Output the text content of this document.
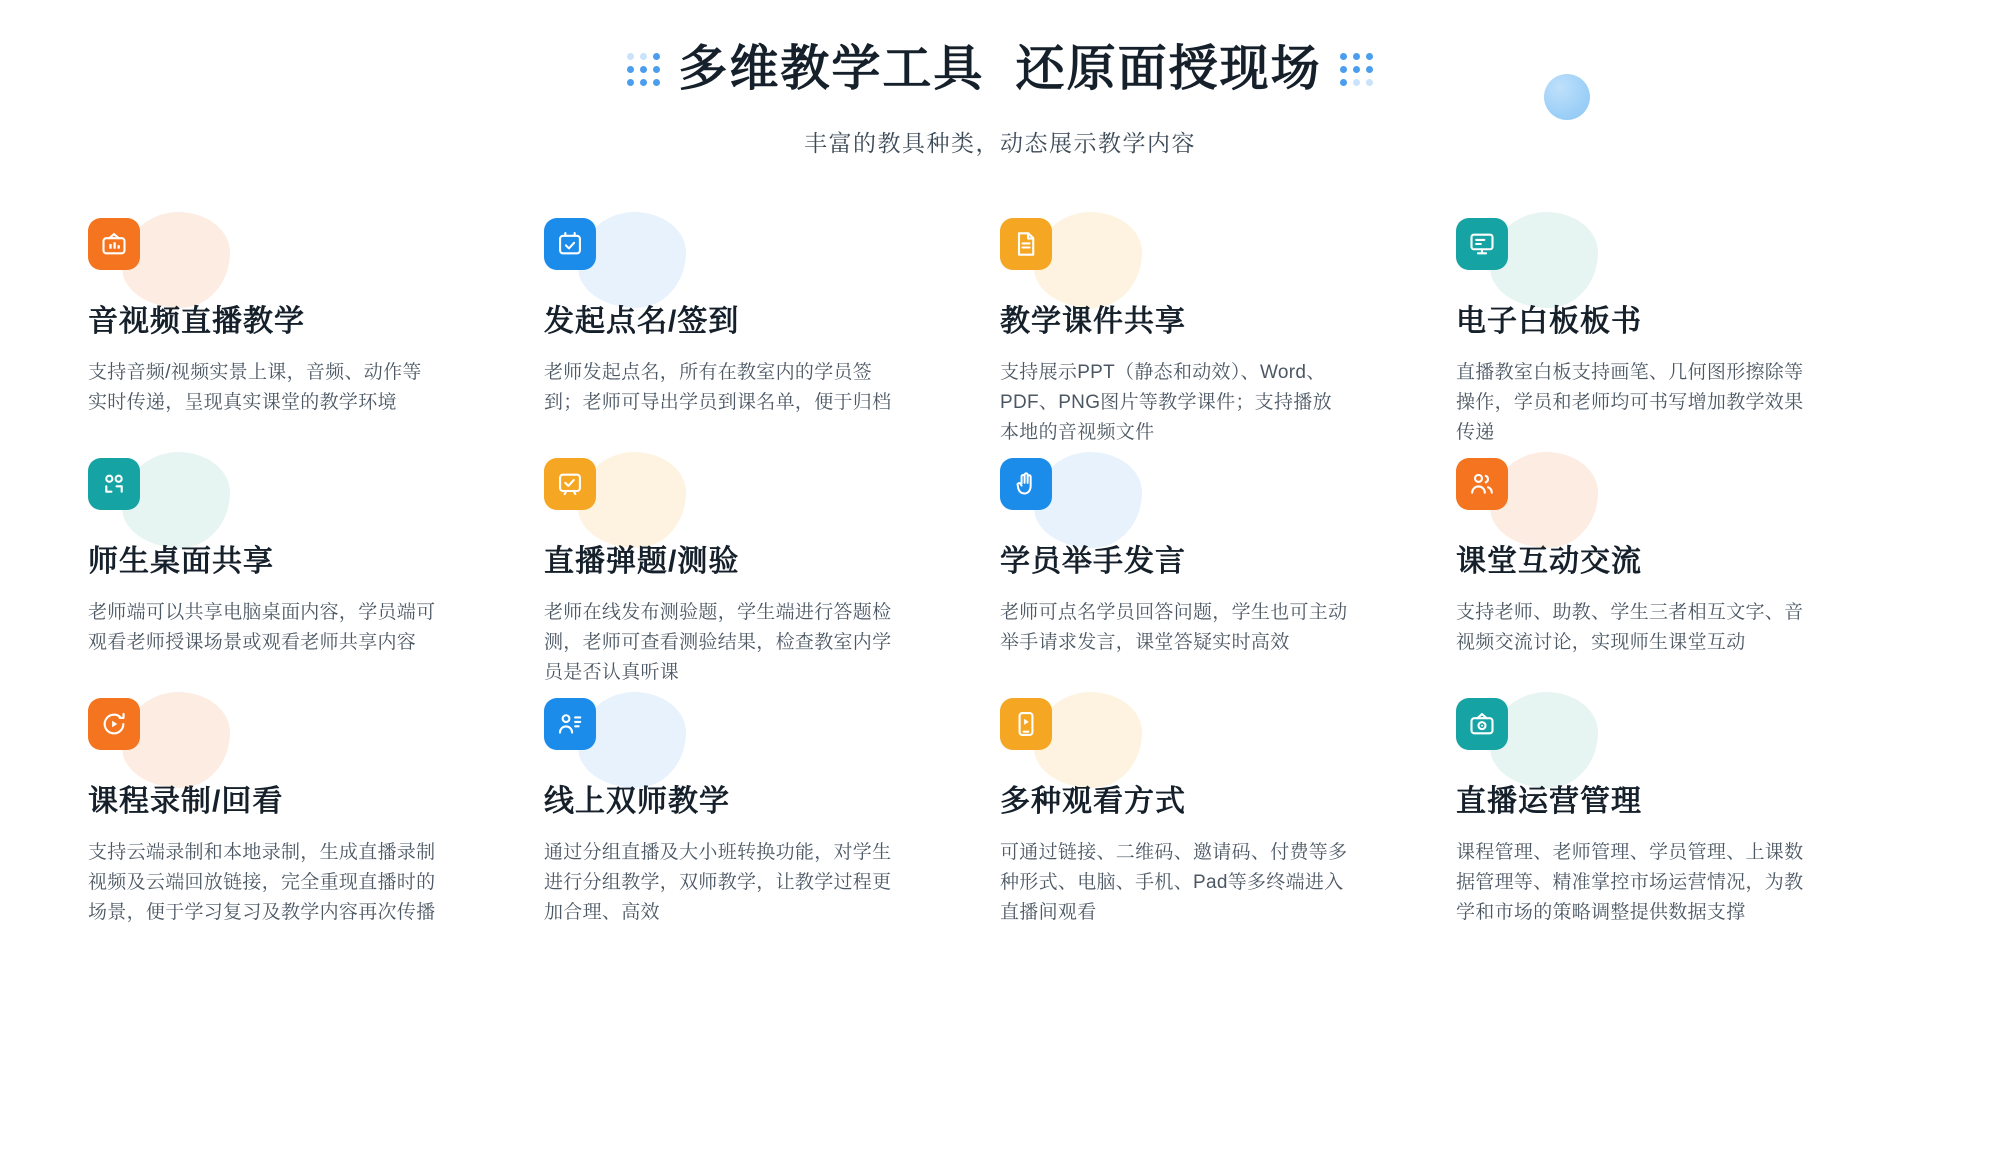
多维教学工具  还原面授现场
丰富的教具种类，动态展示教学内容
音视频直播教学

支持音频/视频实景上课，音频、动作等实时传递，呈现真实课堂的教学环境

发起点名/签到

老师发起点名，所有在教室内的学员签到；老师可导出学员到课名单，便于归档

教学课件共享

支持展示PPT（静态和动效）、Word、PDF、PNG图片等教学课件；支持播放本地的音视频文件

电子白板板书

直播教室白板支持画笔、几何图形擦除等操作，学员和老师均可书写增加教学效果传递

师生桌面共享

老师端可以共享电脑桌面内容，学员端可观看老师授课场景或观看老师共享内容

直播弹题/测验

老师在线发布测验题，学生端进行答题检测，老师可查看测验结果，检查教室内学员是否认真听课

学员举手发言

老师可点名学员回答问题，学生也可主动举手请求发言，课堂答疑实时高效

课堂互动交流

支持老师、助教、学生三者相互文字、音视频交流讨论，实现师生课堂互动

课程录制/回看

支持云端录制和本地录制，生成直播录制视频及云端回放链接，完全重现直播时的场景，便于学习复习及教学内容再次传播

线上双师教学

通过分组直播及大小班转换功能，对学生进行分组教学，双师教学，让教学过程更加合理、高效

多种观看方式

可通过链接、二维码、邀请码、付费等多种形式、电脑、手机、Pad等多终端进入直播间观看

直播运营管理

课程管理、老师管理、学员管理、上课数据管理等、精准掌控市场运营情况，为教学和市场的策略调整提供数据支撑
